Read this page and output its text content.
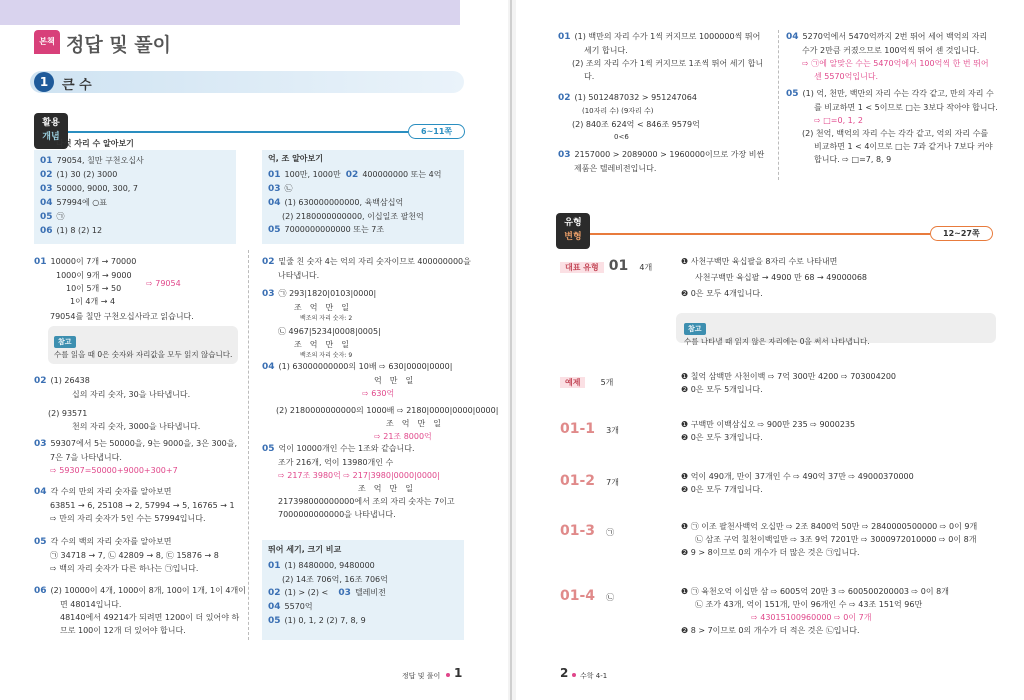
본책 정답 및 풀이
1	큰 수
활용
개념
6~11쪽
다섯 자리 수 알아보기
01 79054, 칠만 구천오십사
02 (1) 30 (2) 3000
03 50000, 9000, 300, 7
04 57994에 ○표
05 ㉠
06 (1) 8 (2) 12
억, 조 알아보기
01 100만, 1000만 02 400000000 또는 4억
03 ㉡
04 (1) 630000000000, 육백삼십억
(2) 2180000000000, 이십일조 팔천억
05 7000000000000 또는 7조
01 10000이 7개 → 70000
1000이 9개 → 9000
10이 5개 → 50
1이 4개 → 4
⇨ 79054
79054를 칠만 구천오십사라고 읽습니다.
참고
수를 읽을 때 0은 숫자와 자리값을 모두 읽지 않습니다.
02 (1) 26438
십의 자리 숫자, 30을 나타냅니다.
(2) 93571
천의 자리 숫자, 3000을 나타냅니다.
03 59307에서 5는 50000을, 9는 9000을, 3은 300을,
7은 7을 나타냅니다.
⇨ 59307=50000+9000+300+7
04 각 수의 만의 자리 숫자를 알아보면
63851 → 6, 25108 → 2, 57994 → 5, 16765 → 1
⇨ 만의 자리 숫자가 5인 수는 57994입니다.
05 각 수의 백의 자리 숫자를 알아보면
㉠ 34718 → 7, ㉡ 42809 → 8, ㉢ 15876 → 8
⇨ 백의 자리 숫자가 다른 하나는 ㉠입니다.
06 (2) 10000이 4개, 1000이 8개, 100이 1개, 1이 4개이
면 48014입니다.
48140에서 49214가 되려면 1200이 더 있어야 하
므로 100이 12개 더 있어야 합니다.
02 밑줄 친 숫자 4는 억의 자리 숫자이므로 400000000을
나타냅니다.
03 ㉠ 293|1820|0103|0000|
조억만일
백조의 자리 숫자: 2
㉡ 4967|5234|0008|0005|
조억만일
백조의 자리 숫자: 9
04 (1) 63000000000의 10배 ⇨ 630|0000|0000|
억만일
⇨ 630억
(2) 2180000000000의 1000배 ⇨ 2180|0000|0000|0000|
조억만일
⇨ 21조 8000억
05 억이 10000개인 수는 1조와 같습니다.
조가 216개, 억이 13980개인 수
⇨ 217조 3980억 ⇨ 217|3980|0000|0000|
조억만일
217398000000000에서 조의 자리 숫자는 7이고
7000000000000을 나타냅니다.
뛰어 세기, 크기 비교
01 (1) 8480000, 9480000
(2) 14조 706억, 16조 706억
02 (1) > (2) < 03 텔레비전
04 5570억
05 (1) 0, 1, 2 (2) 7, 8, 9
정답 및 풀이 1
01 (1) 백만의 자리 수가 1씩 커지므로 1000000씩 뛰어
세기 합니다.
(2) 조의 자리 수가 1씩 커지므로 1조씩 뛰어 세기 합니
다.
02 (1) 5012487032 > 951247064
(10자리 수) (9자리 수)
(2) 840조 624억 < 846조 9579억
0<6
03 2157000 > 2089000 > 1960000이므로 가장 비싼
제품은 텔레비전입니다.
04 5270억에서 5470억까지 2번 뛰어 세어 백억의 자리
수가 2만큼 커졌으므로 100억씩 뛰어 센 것입니다.
⇨ ㉠에 알맞은 수는 5470억에서 100억씩 한 번 뛰어
센 5570억입니다.
05 (1) 억, 천만, 백만의 자리 수는 각각 같고, 만의 자리 수
를 비교하면 1 < 5이므로 □는 3보다 작아야 합니다.
⇨ □=0, 1, 2
(2) 천억, 백억의 자리 수는 각각 같고, 억의 자리 수를
비교하면 1 < 4이므로 □는 7과 같거나 7보다 커야
합니다. ⇨ □=7, 8, 9
유형
변형	12~27쪽
대표 유형 01 4개
❶ 사천구백만 육십팔을 8자리 수로 나타내면
사천구백만 육십팔 → 4900 만 68 → 49000068
❷ 0은 모두 4개입니다.
참고
수를 나타낼 때 읽지 않은 자리에는 0을 써서 나타냅니다.
예제	5개
❶ 칠억 삼백만 사천이백 ⇨ 7억 300만 4200 ⇨ 703004200
❷ 0은 모두 5개입니다.
01-1 3개
❶ 구백만 이백삼십오 ⇨ 900만 235 ⇨ 9000235
❷ 0은 모두 3개입니다.
01-2 7개
❶ 억이 490개, 만이 37개인 수 ⇨ 490억 37만 ⇨ 49000370000
❷ 0은 모두 7개입니다.
01-3 ㉠
❶ ㉠ 이조 팔천사백억 오십만 ⇨ 2조 8400억 50만 ⇨ 2840000500000 ⇨ 0이 9개
㉡ 삼조 구억 칠천이백일만 ⇨ 3조 9억 7201만 ⇨ 3000972010000 ⇨ 0이 8개
❷ 9 > 8이므로 0의 개수가 더 많은 것은 ㉠입니다.
01-4 ㉡
❶ ㉠ 육천오억 이십만 삼 ⇨ 6005억 20만 3 ⇨ 600500200003 ⇨ 0이 8개
㉡ 조가 43개, 억이 151개, 만이 96개인 수 ⇨ 43조 151억 96만
⇨ 43015100960000 ⇨ 0이 7개
❷ 8 > 7이므로 0의 개수가 더 적은 것은 ㉡입니다.
2 수학 4-1
